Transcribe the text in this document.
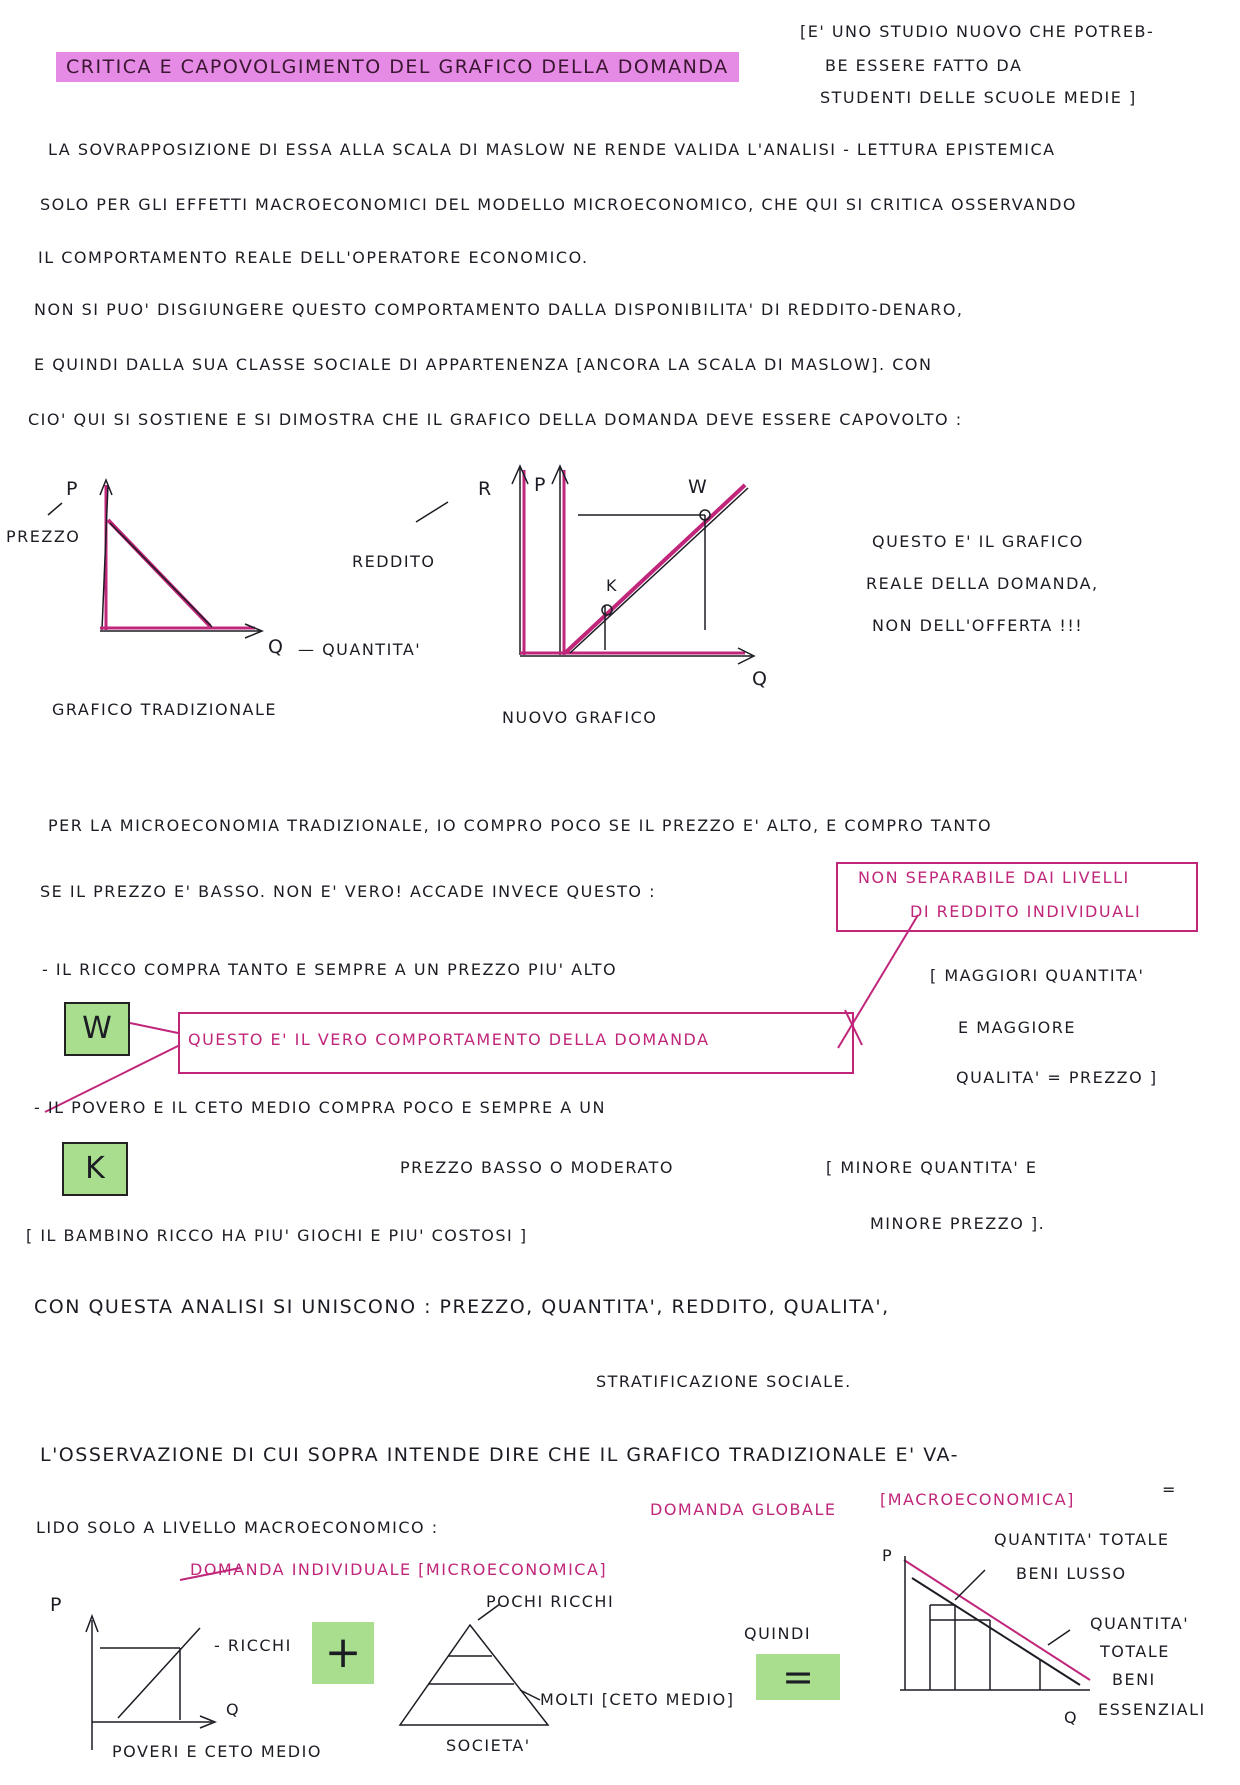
CRITICA E CAPOVOLGIMENTO DEL GRAFICO DELLA DOMANDA
[E' UNO STUDIO NUOVO CHE POTREB-
BE ESSERE FATTO DA
STUDENTI DELLE SCUOLE MEDIE ]
LA SOVRAPPOSIZIONE DI ESSA ALLA SCALA DI MASLOW NE RENDE VALIDA L'ANALISI - LETTURA EPISTEMICA
SOLO PER GLI EFFETTI MACROECONOMICI DEL MODELLO MICROECONOMICO, CHE QUI SI CRITICA OSSERVANDO
IL COMPORTAMENTO REALE DELL'OPERATORE ECONOMICO.
NON SI PUO' DISGIUNGERE QUESTO COMPORTAMENTO DALLA DISPONIBILITA' DI REDDITO-DENARO,
E QUINDI DALLA SUA CLASSE SOCIALE DI APPARTENENZA [ANCORA LA SCALA DI MASLOW]. CON
CIO' QUI SI SOSTIENE E SI DIMOSTRA CHE IL GRAFICO DELLA DOMANDA DEVE ESSERE CAPOVOLTO :
P
PREZZO
Q — QUANTITA'
GRAFICO TRADIZIONALE
REDDITO
R P	W
K
Q
NUOVO GRAFICO
QUESTO E' IL GRAFICO
REALE DELLA DOMANDA,
NON DELL'OFFERTA !!!
PER LA MICROECONOMIA TRADIZIONALE, IO COMPRO POCO SE IL PREZZO E' ALTO, E COMPRO TANTO
SE IL PREZZO E' BASSO. NON E' VERO! ACCADE INVECE QUESTO :
NON SEPARABILE DAI LIVELLI
DI REDDITO INDIVIDUALI
- IL RICCO COMPRA TANTO E SEMPRE A UN PREZZO PIU' ALTO	[ MAGGIORI QUANTITA'
E MAGGIORE
QUALITA' = PREZZO ]
W	QUESTO E' IL VERO COMPORTAMENTO DELLA DOMANDA
- IL POVERO E IL CETO MEDIO COMPRA POCO E SEMPRE A UN
PREZZO BASSO O MODERATO	[ MINORE QUANTITA' E
MINORE PREZZO ].
K
[ IL BAMBINO RICCO HA PIU' GIOCHI E PIU' COSTOSI ]
CON QUESTA ANALISI SI UNISCONO : PREZZO, QUANTITA', REDDITO, QUALITA',
STRATIFICAZIONE SOCIALE.
L'OSSERVAZIONE DI CUI SOPRA INTENDE DIRE CHE IL GRAFICO TRADIZIONALE E' VA-
=
LIDO SOLO A LIVELLO MACROECONOMICO :
DOMANDA GLOBALE
[MACROECONOMICA]
DOMANDA INDIVIDUALE [MICROECONOMICA]
P
Q
- RICCHI
POVERI E CETO MEDIO
+
POCHI RICCHI
MOLTI [CETO MEDIO]
SOCIETA'
QUINDI
=
P
Q
QUANTITA' TOTALE
BENI LUSSO
QUANTITA'
TOTALE
BENI
ESSENZIALI
